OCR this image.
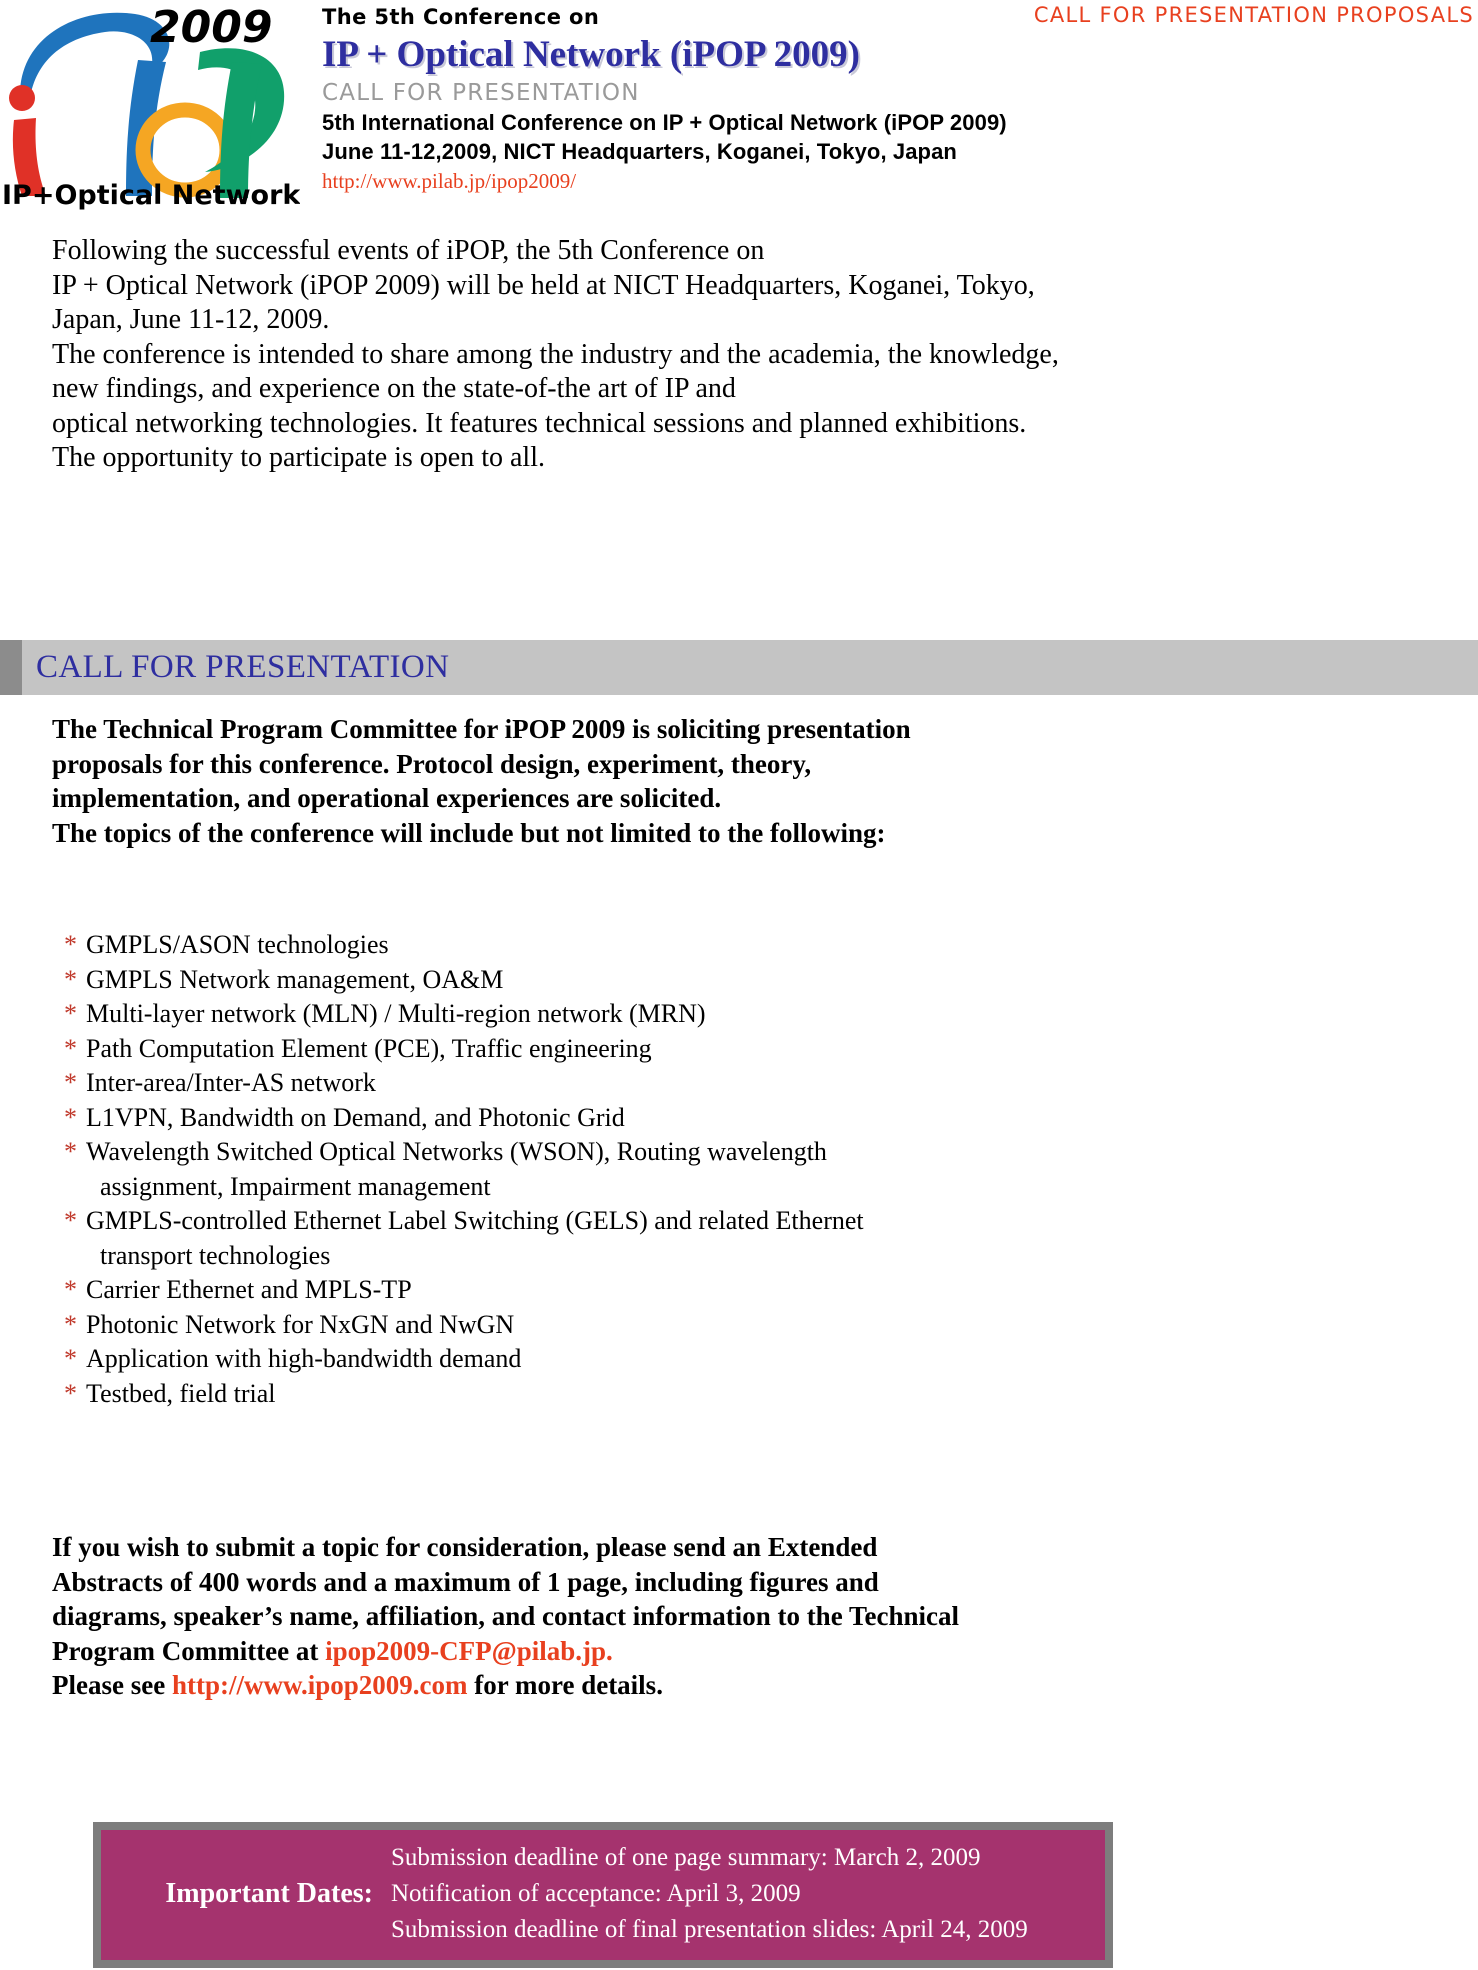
2009
IP+Optical Network
CALL FOR PRESENTATION PROPOSALS
The 5th Conference on
IP + Optical Network (iPOP 2009)
CALL FOR PRESENTATION
5th International Conference on IP + Optical Network (iPOP 2009)
June 11-12,2009, NICT Headquarters, Koganei, Tokyo, Japan
http://www.pilab.jp/ipop2009/
Following the successful events of iPOP, the 5th Conference on
IP + Optical Network (iPOP 2009) will be held at NICT Headquarters, Koganei, Tokyo,
Japan, June 11-12, 2009.
The conference is intended to share among the industry and the academia, the knowledge,
new findings, and experience on the state-of-the art of IP and
optical networking technologies. It features technical sessions and planned exhibitions.
The opportunity to participate is open to all.
CALL FOR PRESENTATION
The Technical Program Committee for iPOP 2009 is soliciting presentation
proposals for this conference. Protocol design, experiment, theory,
implementation, and operational experiences are solicited.
The topics of the conference will include but not limited to the following:
* GMPLS/ASON technologies
* GMPLS Network management, OA&M
* Multi-layer network (MLN) / Multi-region network (MRN)
* Path Computation Element (PCE), Traffic engineering
* Inter-area/Inter-AS network
* L1VPN, Bandwidth on Demand, and Photonic Grid
* Wavelength Switched Optical Networks (WSON), Routing wavelength
assignment, Impairment management
* GMPLS-controlled Ethernet Label Switching (GELS) and related Ethernet
transport technologies
* Carrier Ethernet and MPLS-TP
* Photonic Network for NxGN and NwGN
* Application with high-bandwidth demand
* Testbed, field trial
If you wish to submit a topic for consideration, please send an Extended
Abstracts of 400 words and a maximum of 1 page, including figures and
diagrams, speaker’s name, affiliation, and contact information to the Technical
Program Committee at ipop2009-CFP@pilab.jp.
Please see http://www.ipop2009.com for more details.
Important Dates:
Submission deadline of one page summary: March 2, 2009
Notification of acceptance: April 3, 2009
Submission deadline of final presentation slides: April 24, 2009
